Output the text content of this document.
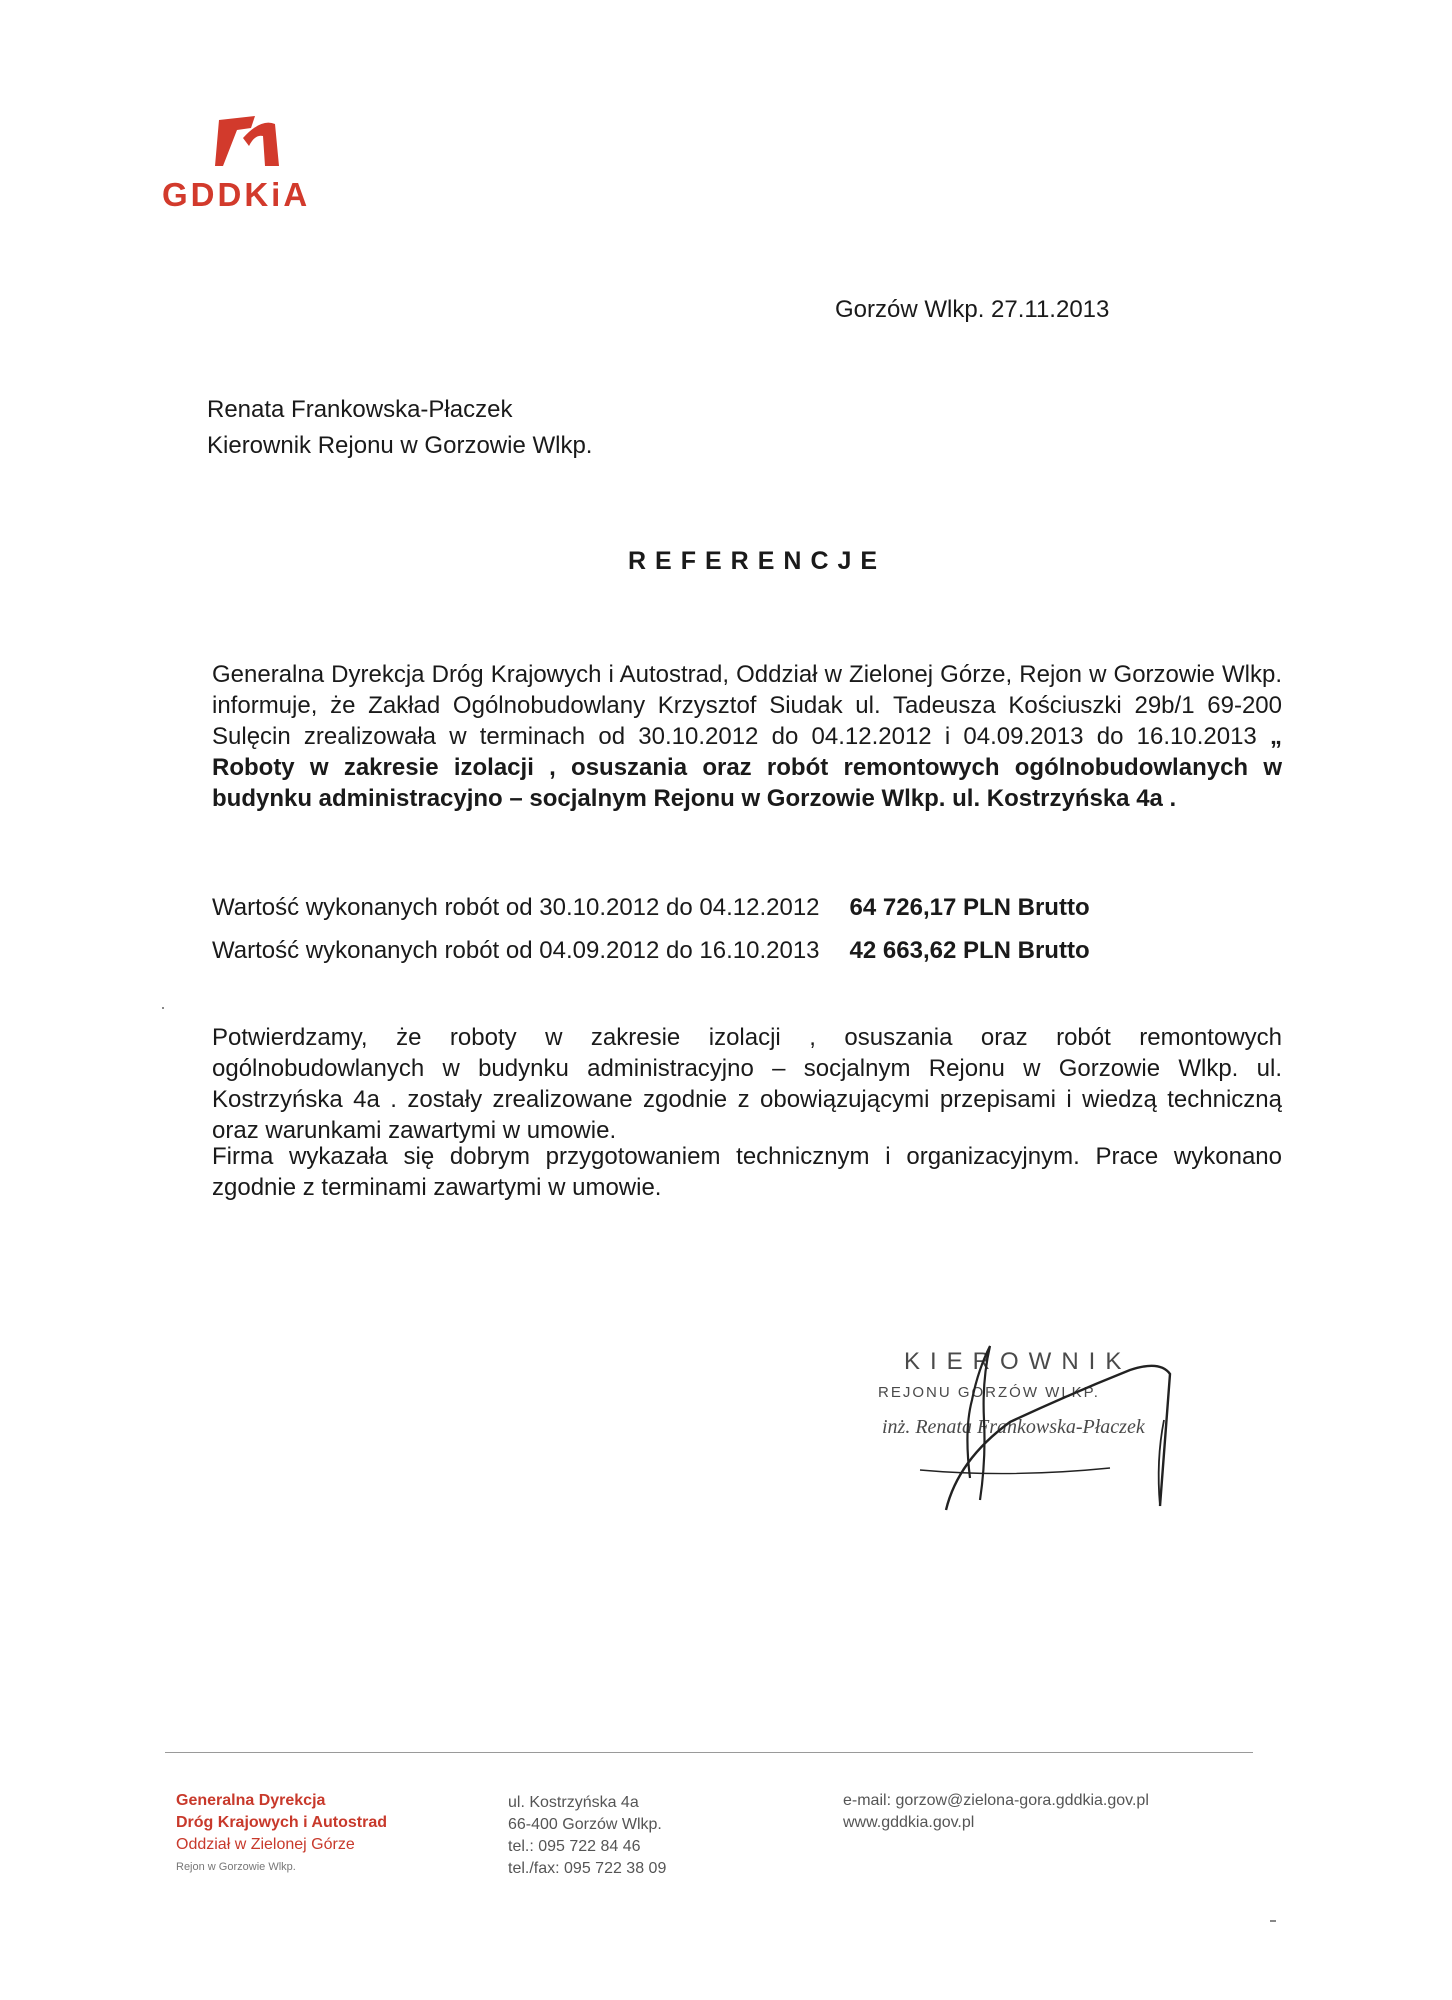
GDDKiA
Gorzów Wlkp. 27.11.2013
Renata Frankowska-Płaczek
Kierownik Rejonu w Gorzowie Wlkp.
REFERENCJE
Generalna Dyrekcja Dróg Krajowych i Autostrad, Oddział w Zielonej Górze, Rejon w Gorzowie Wlkp. informuje, że Zakład Ogólnobudowlany Krzysztof Siudak ul. Tadeusza Kościuszki 29b/1 69-200 Sulęcin zrealizowała w terminach od 30.10.2012 do 04.12.2012 i 04.09.2013 do 16.10.2013 „ Roboty w zakresie izolacji , osuszania oraz robót remontowych ogólnobudowlanych w budynku administracyjno – socjalnym Rejonu w Gorzowie Wlkp. ul. Kostrzyńska 4a .
Wartość wykonanych robót od 30.10.2012 do 04.12.2012 64 726,17 PLN Brutto
Wartość wykonanych robót od 04.09.2012 do 16.10.2013 42 663,62 PLN Brutto
Potwierdzamy, że roboty w zakresie izolacji , osuszania oraz robót remontowych ogólnobudowlanych w budynku administracyjno – socjalnym Rejonu w Gorzowie Wlkp. ul. Kostrzyńska 4a . zostały zrealizowane zgodnie z obowiązującymi przepisami i wiedzą techniczną oraz warunkami zawartymi w umowie.
Firma wykazała się dobrym przygotowaniem technicznym i organizacyjnym. Prace wykonano zgodnie z terminami zawartymi w umowie.
KIEROWNIK
REJONU GORZÓW WLKP.
inż. Renata Frankowska-Płaczek
Generalna Dyrekcja
Dróg Krajowych i Autostrad
Oddział w Zielonej Górze
Rejon w Gorzowie Wlkp.
ul. Kostrzyńska 4a
66-400 Gorzów Wlkp.
tel.: 095 722 84 46
tel./fax: 095 722 38 09
e-mail: gorzow@zielona-gora.gddkia.gov.pl
www.gddkia.gov.pl
